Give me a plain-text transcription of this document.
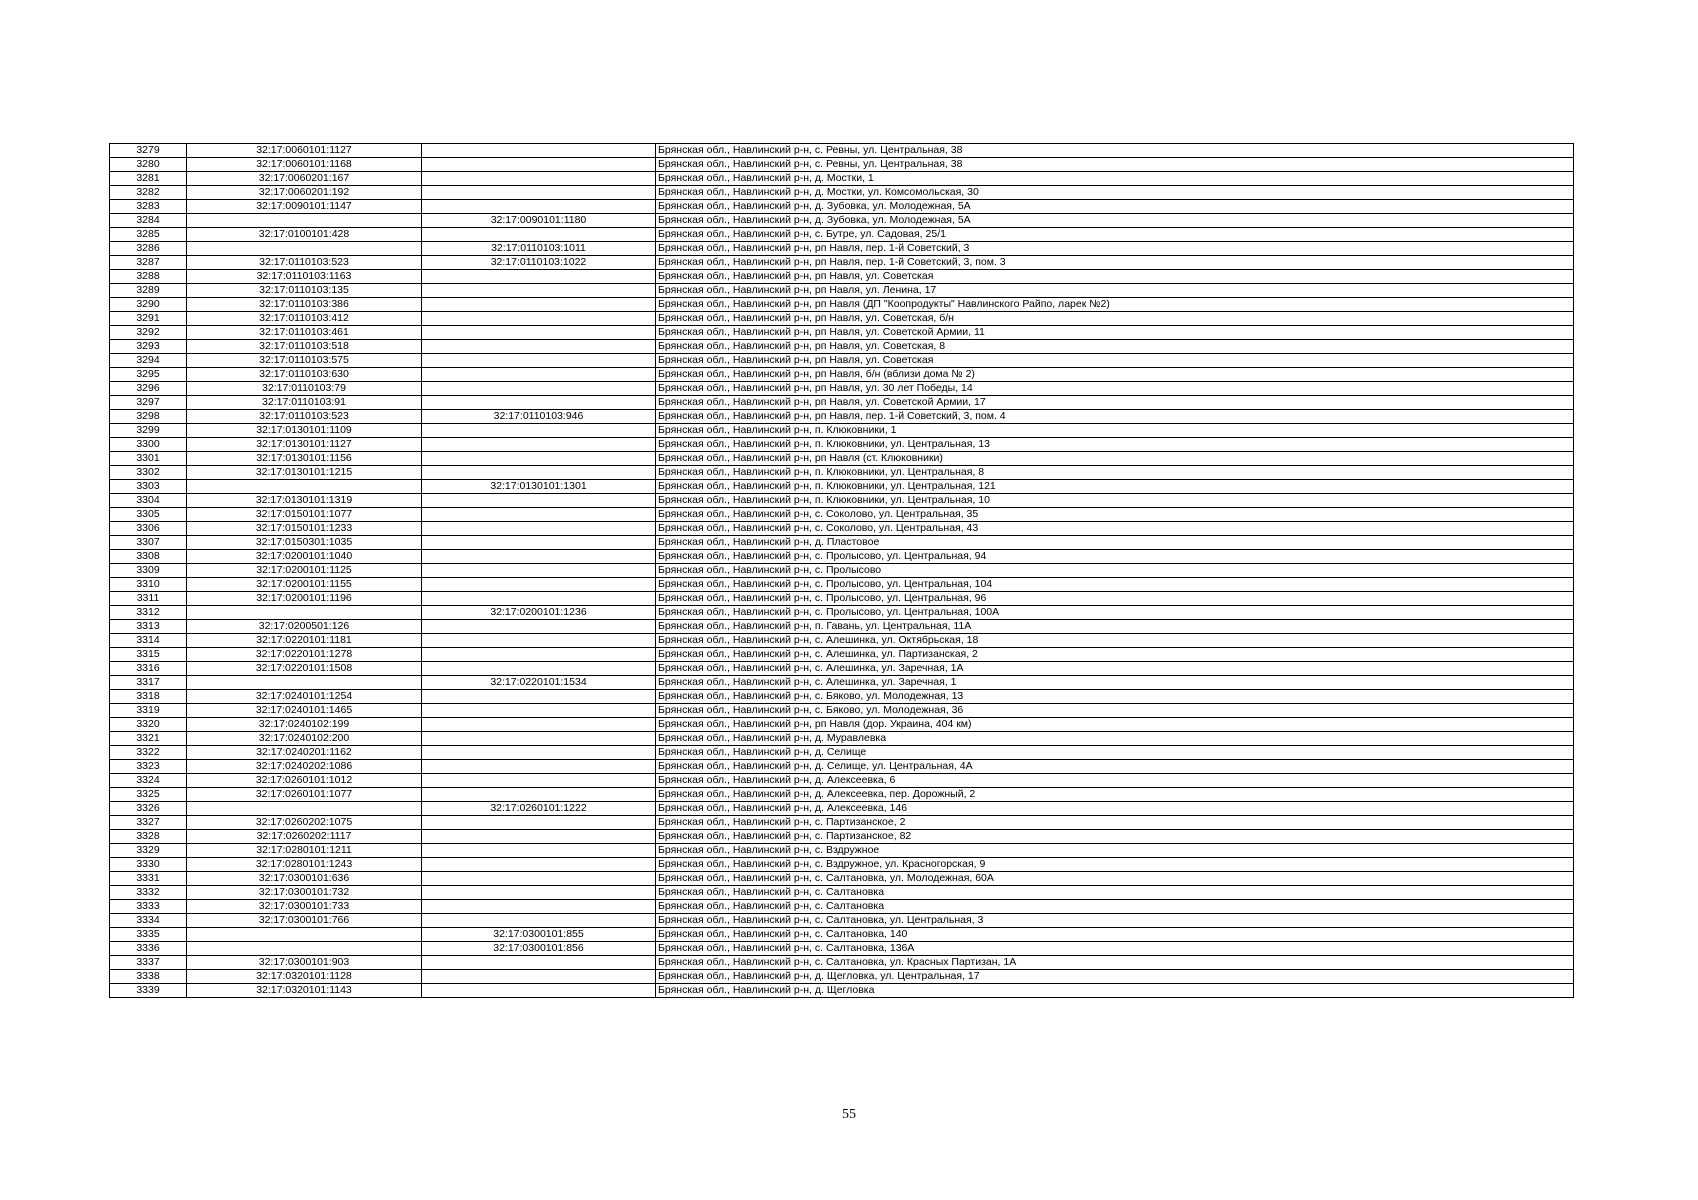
3279	32:17:0060101:1127		Брянская обл., Навлинский р-н, с. Ревны, ул. Центральная, 38
3280	32:17:0060101:1168		Брянская обл., Навлинский р-н, с. Ревны, ул. Центральная, 38
3281	32:17:0060201:167		Брянская обл., Навлинский р-н, д. Мостки, 1
3282	32:17:0060201:192		Брянская обл., Навлинский р-н, д. Мостки, ул. Комсомольская, 30
3283	32:17:0090101:1147		Брянская обл., Навлинский р-н, д. Зубовка, ул. Молодежная, 5А
3284		32:17:0090101:1180	Брянская обл., Навлинский р-н, д. Зубовка, ул. Молодежная, 5А
3285	32:17:0100101:428		Брянская обл., Навлинский р-н, с. Бутре, ул. Садовая, 25/1
3286		32:17:0110103:1011	Брянская обл., Навлинский р-н, рп Навля, пер. 1-й Советский, 3
3287	32:17:0110103:523	32:17:0110103:1022	Брянская обл., Навлинский р-н, рп Навля, пер. 1-й Советский, 3, пом. 3
3288	32:17:0110103:1163		Брянская обл., Навлинский р-н, рп Навля, ул. Советская
3289	32:17:0110103:135		Брянская обл., Навлинский р-н, рп Навля, ул. Ленина, 17
3290	32:17:0110103:386		Брянская обл., Навлинский р-н, рп Навля (ДП "Коопродукты" Навлинского Райпо, ларек №2)
3291	32:17:0110103:412		Брянская обл., Навлинский р-н, рп Навля, ул. Советская, б/н
3292	32:17:0110103:461		Брянская обл., Навлинский р-н, рп Навля, ул. Советской Армии, 11
3293	32:17:0110103:518		Брянская обл., Навлинский р-н, рп Навля, ул. Советская, 8
3294	32:17:0110103:575		Брянская обл., Навлинский р-н, рп Навля, ул. Советская
3295	32:17:0110103:630		Брянская обл., Навлинский р-н, рп Навля, б/н (вблизи дома № 2)
3296	32:17:0110103:79		Брянская обл., Навлинский р-н, рп Навля, ул. 30 лет Победы, 14
3297	32:17:0110103:91		Брянская обл., Навлинский р-н, рп Навля, ул. Советской Армии, 17
3298	32:17:0110103:523	32:17:0110103:946	Брянская обл., Навлинский р-н, рп Навля, пер. 1-й Советский, 3, пом. 4
3299	32:17:0130101:1109		Брянская обл., Навлинский р-н, п. Клюковники, 1
3300	32:17:0130101:1127		Брянская обл., Навлинский р-н, п. Клюковники, ул. Центральная, 13
3301	32:17:0130101:1156		Брянская обл., Навлинский р-н, рп Навля (ст. Клюковники)
3302	32:17:0130101:1215		Брянская обл., Навлинский р-н, п. Клюковники, ул. Центральная, 8
3303		32:17:0130101:1301	Брянская обл., Навлинский р-н, п. Клюковники, ул. Центральная, 121
3304	32:17:0130101:1319		Брянская обл., Навлинский р-н, п. Клюковники, ул. Центральная, 10
3305	32:17:0150101:1077		Брянская обл., Навлинский р-н, с. Соколово, ул. Центральная, 35
3306	32:17:0150101:1233		Брянская обл., Навлинский р-н, с. Соколово, ул. Центральная, 43
3307	32:17:0150301:1035		Брянская обл., Навлинский р-н, д. Пластовое
3308	32:17:0200101:1040		Брянская обл., Навлинский р-н, с. Пролысово, ул. Центральная, 94
3309	32:17:0200101:1125		Брянская обл., Навлинский р-н, с. Пролысово
3310	32:17:0200101:1155		Брянская обл., Навлинский р-н, с. Пролысово, ул. Центральная, 104
3311	32:17:0200101:1196		Брянская обл., Навлинский р-н, с. Пролысово, ул. Центральная, 96
3312		32:17:0200101:1236	Брянская обл., Навлинский р-н, с. Пролысово, ул. Центральная, 100А
3313	32:17:0200501:126		Брянская обл., Навлинский р-н, п. Гавань, ул. Центральная, 11А
3314	32:17:0220101:1181		Брянская обл., Навлинский р-н, с. Алешинка, ул. Октябрьская, 18
3315	32:17:0220101:1278		Брянская обл., Навлинский р-н, с. Алешинка, ул. Партизанская, 2
3316	32:17:0220101:1508		Брянская обл., Навлинский р-н, с. Алешинка, ул. Заречная, 1А
3317		32:17:0220101:1534	Брянская обл., Навлинский р-н, с. Алешинка, ул. Заречная, 1
3318	32:17:0240101:1254		Брянская обл., Навлинский р-н, с. Бяково, ул. Молодежная, 13
3319	32:17:0240101:1465		Брянская обл., Навлинский р-н, с. Бяково, ул. Молодежная, 36
3320	32:17:0240102:199		Брянская обл., Навлинский р-н, рп Навля (дор. Украина, 404 км)
3321	32:17:0240102:200		Брянская обл., Навлинский р-н, д. Муравлевка
3322	32:17:0240201:1162		Брянская обл., Навлинский р-н, д. Селище
3323	32:17:0240202:1086		Брянская обл., Навлинский р-н, д. Селище, ул. Центральная, 4А
3324	32:17:0260101:1012		Брянская обл., Навлинский р-н, д. Алексеевка, 6
3325	32:17:0260101:1077		Брянская обл., Навлинский р-н, д. Алексеевка, пер. Дорожный, 2
3326		32:17:0260101:1222	Брянская обл., Навлинский р-н, д. Алексеевка, 146
3327	32:17:0260202:1075		Брянская обл., Навлинский р-н, с. Партизанское, 2
3328	32:17:0260202:1117		Брянская обл., Навлинский р-н, с. Партизанское, 82
3329	32:17:0280101:1211		Брянская обл., Навлинский р-н, с. Вздружное
3330	32:17:0280101:1243		Брянская обл., Навлинский р-н, с. Вздружное, ул. Красногорская, 9
3331	32:17:0300101:636		Брянская обл., Навлинский р-н, с. Салтановка, ул. Молодежная, 60А
3332	32:17:0300101:732		Брянская обл., Навлинский р-н, с. Салтановка
3333	32:17:0300101:733		Брянская обл., Навлинский р-н, с. Салтановка
3334	32:17:0300101:766		Брянская обл., Навлинский р-н, с. Салтановка, ул. Центральная, 3
3335		32:17:0300101:855	Брянская обл., Навлинский р-н, с. Салтановка, 140
3336		32:17:0300101:856	Брянская обл., Навлинский р-н, с. Салтановка, 136А
3337	32:17:0300101:903		Брянская обл., Навлинский р-н, с. Салтановка, ул. Красных Партизан, 1А
3338	32:17:0320101:1128		Брянская обл., Навлинский р-н, д. Щегловка, ул. Центральная, 17
3339	32:17:0320101:1143		Брянская обл., Навлинский р-н, д. Щегловка
55
